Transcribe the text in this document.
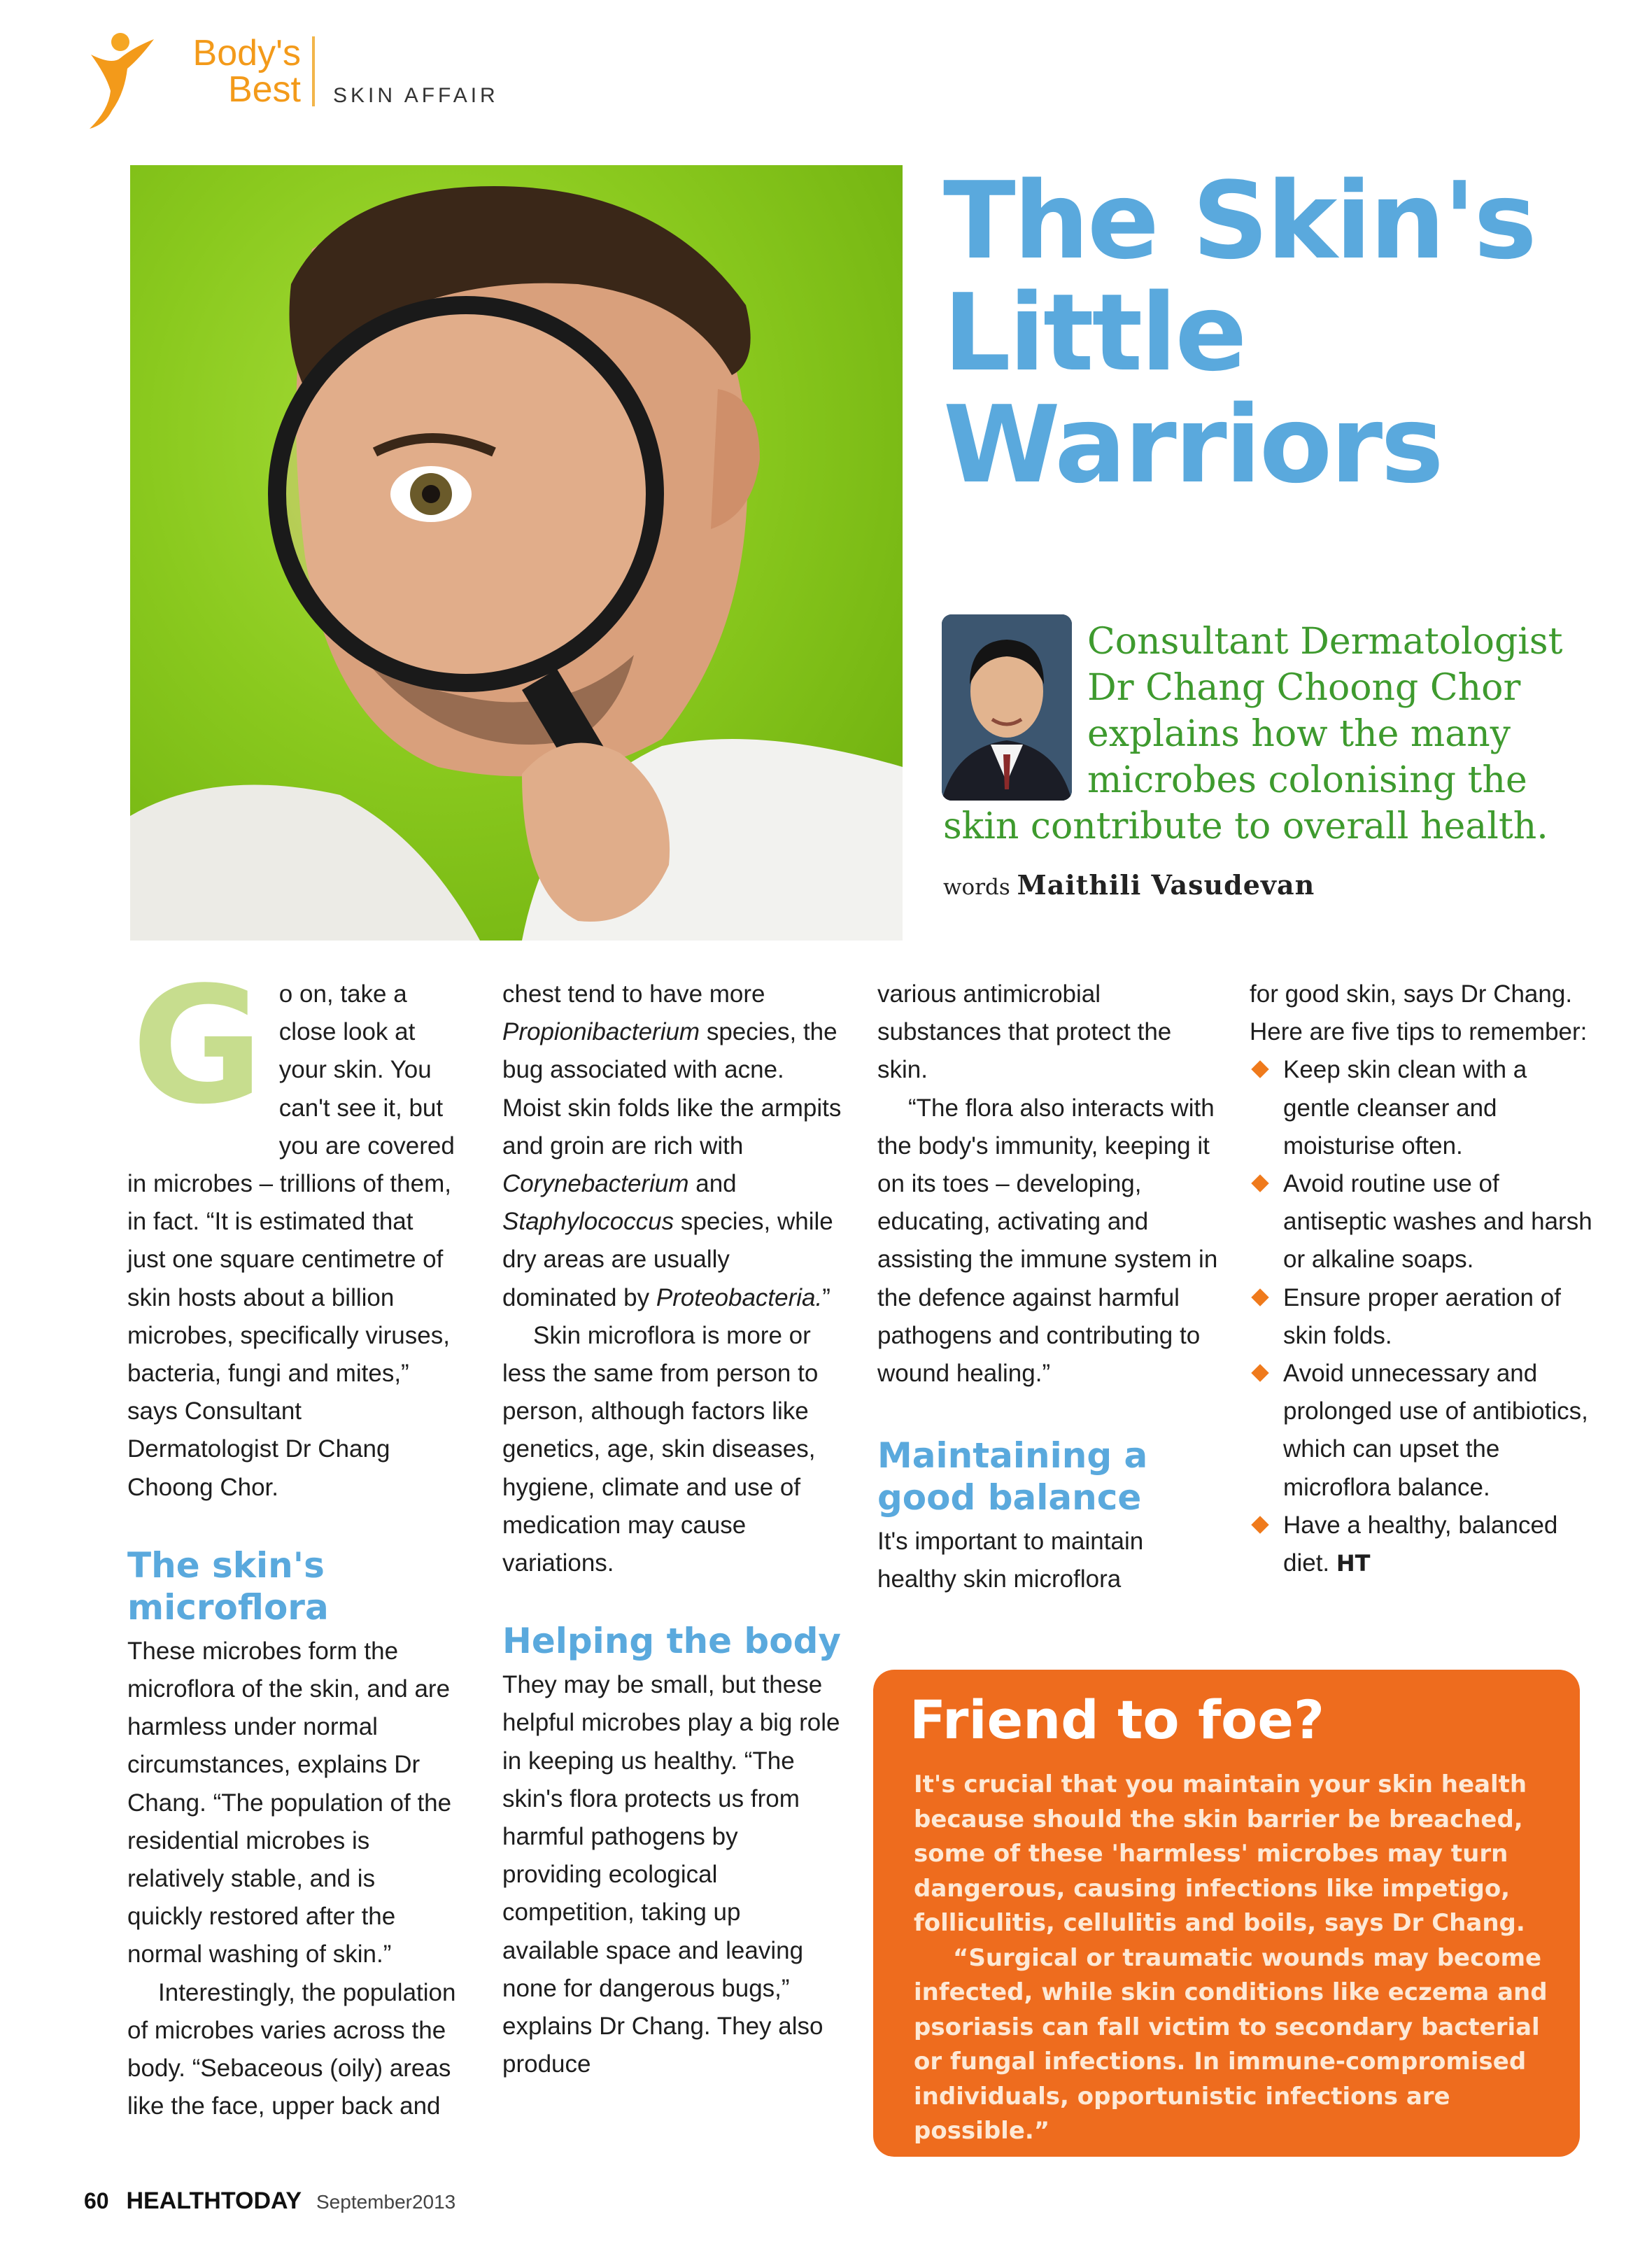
Body's
Best SKIN AFFAIR
The Skin's
Little
Warriors
Consultant Dermatologist
Dr Chang Choong Chor
explains how the many
microbes colonising the
skin contribute to overall health.
words Maithili Vasudevan
G o on, take a close look at your skin. You can't see it, but you are covered in microbes – trillions of them, in fact. “It is estimated that just one square centimetre of skin hosts about a billion microbes, specifically viruses, bacteria, fungi and mites,” says Consultant Dermatologist Dr Chang Choong Chor.

The skin's microflora

These microbes form the microflora of the skin, and are harmless under normal circumstances, explains Dr Chang. “The population of the residential microbes is relatively stable, and is quickly restored after the normal washing of skin.”

Interestingly, the population of microbes varies across the body. “Sebaceous (oily) areas like the face, upper back and

chest tend to have more Propionibacterium species, the bug associated with acne. Moist skin folds like the armpits and groin are rich with Corynebacterium and Staphylococcus species, while dry areas are usually dominated by Proteobacteria.”

Skin microflora is more or less the same from person to person, although factors like genetics, age, skin diseases, hygiene, climate and use of medication may cause variations.

Helping the body

They may be small, but these helpful microbes play a big role in keeping us healthy. “The skin's flora protects us from harmful pathogens by providing ecological competition, taking up available space and leaving none for dangerous bugs,” explains Dr Chang. They also produce

various antimicrobial substances that protect the skin.

“The flora also interacts with the body's immunity, keeping it on its toes – developing, educating, activating and assisting the immune system in the defence against harmful pathogens and contributing to wound healing.”

Maintaining a good balance

It's important to maintain healthy skin microflora

for good skin, says Dr Chang. Here are five tips to remember:

Keep skin clean with a gentle cleanser and moisturise often.
Avoid routine use of antiseptic washes and harsh or alkaline soaps.
Ensure proper aeration of skin folds.
Avoid unnecessary and prolonged use of antibiotics, which can upset the microflora balance.
Have a healthy, balanced diet. HT
Friend to foe?

It's crucial that you maintain your skin health because should the skin barrier be breached, some of these 'harmless' microbes may turn dangerous, causing infections like impetigo, folliculitis, cellulitis and boils, says Dr Chang.

“Surgical or traumatic wounds may become infected, while skin conditions like eczema and psoriasis can fall victim to secondary bacterial or fungal infections. In immune-compromised individuals, opportunistic infections are possible.”

60 HEALTHTODAY September2013
